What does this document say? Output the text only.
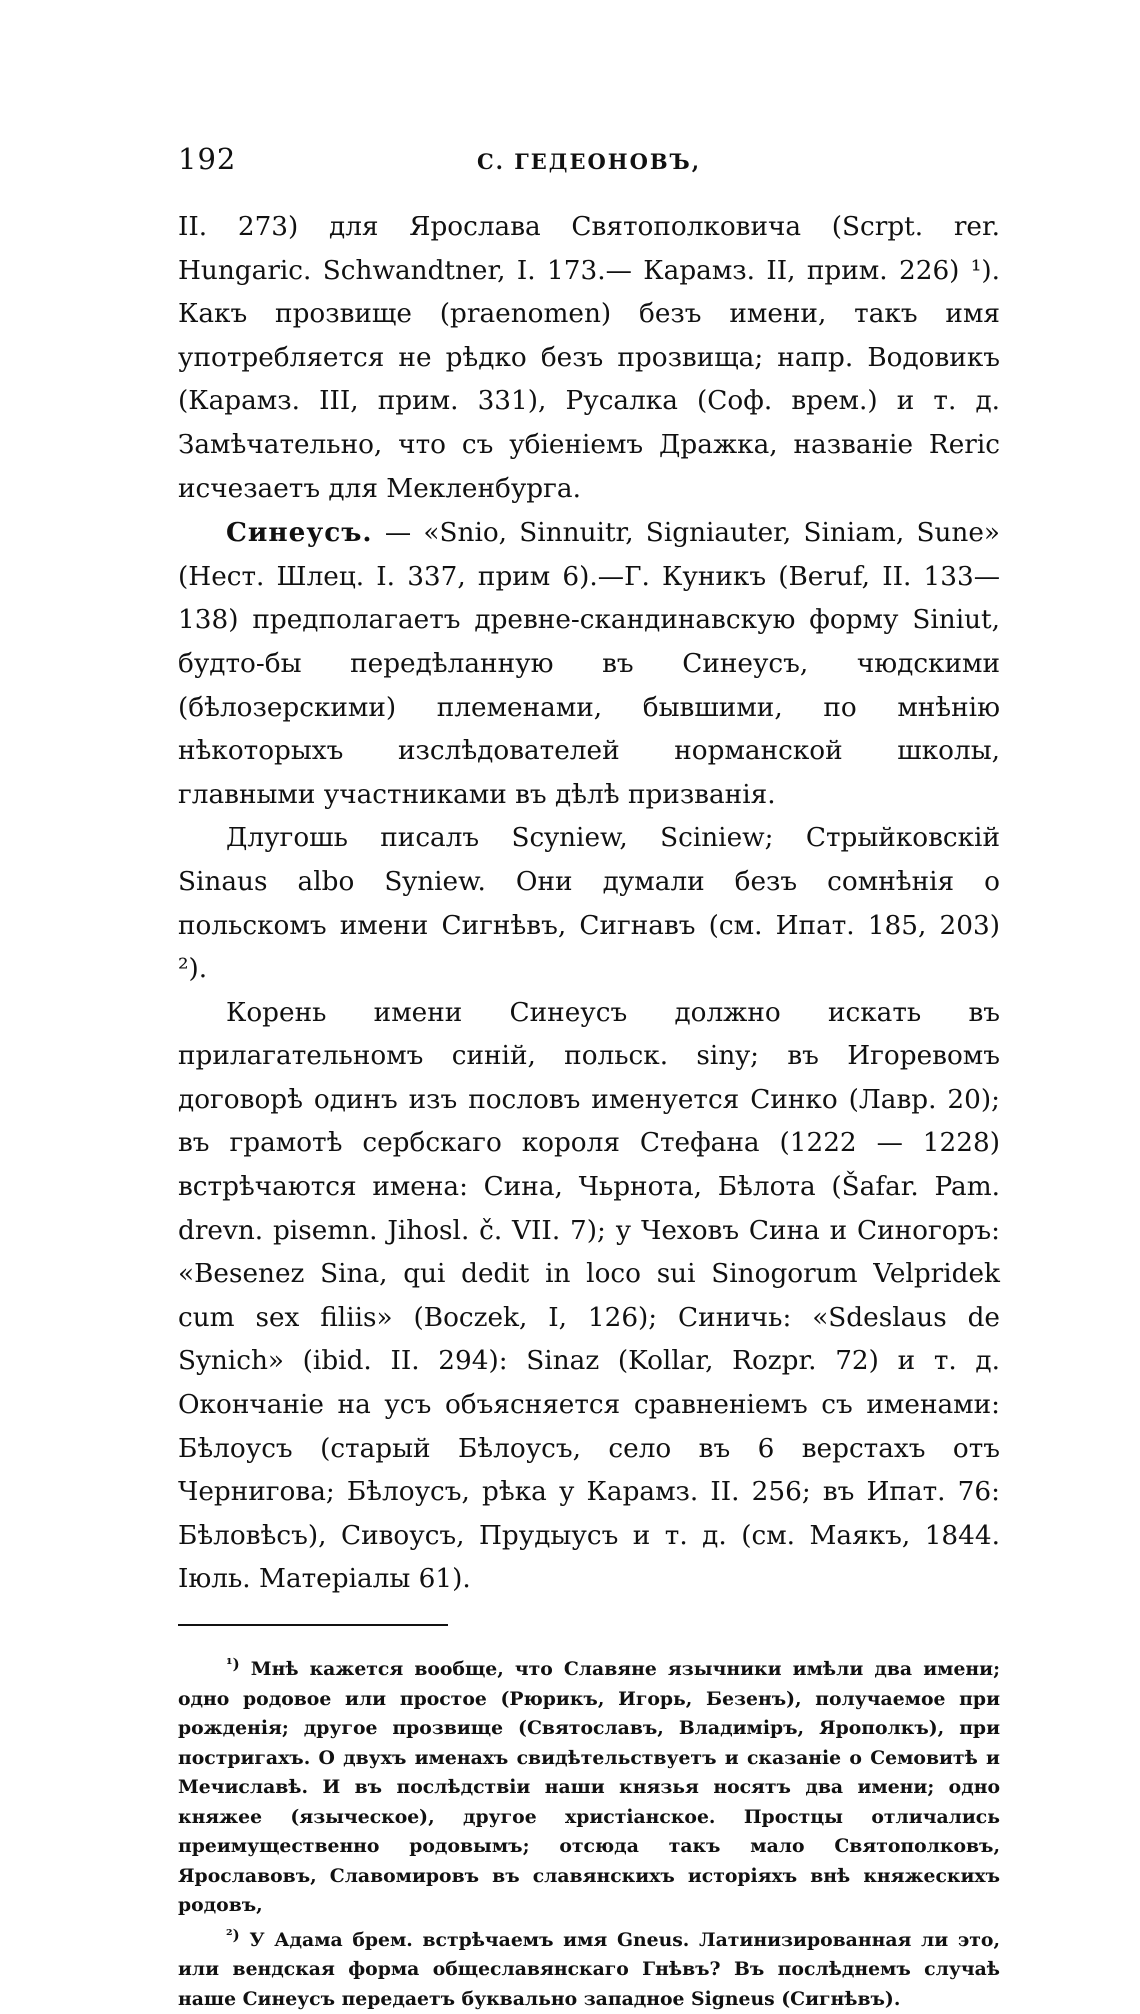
192	С. ГЕДЕОНОВЪ,

II. 273) для Ярослава Святополковича (Scrpt. rer. Hungaric. Schwandtner, I. 173.— Карамз. II, прим. 226) ¹). Какъ прозвище (praenomen) безъ имени, такъ имя употребляется не рѣдко безъ прозвища; напр. Водовикъ (Карамз. III, прим. 331), Русалка (Соф. врем.) и т. д. Замѣчательно, что съ убіеніемъ Дражка, названіе Reric исчезаетъ для Мекленбурга.

Синеусъ. — «Snio, Sinnuitr, Signiauter, Siniam, Sune» (Нест. Шлец. I. 337, прим 6).—Г. Куникъ (Beruf, II. 133—138) предполагаетъ древне-скандинавскую форму Siniut, будто-бы передѣланную въ Синеусъ, чюдскими (бѣлозерскими) племенами, бывшими, по мнѣнію нѣкоторыхъ изслѣдователей норманской школы, главными участниками въ дѣлѣ призванія.

Длугошь писалъ Scyniew, Sciniew; Стрыйковскій Sinaus albo Syniew. Они думали безъ сомнѣнія о польскомъ имени Сигнѣвъ, Сигнавъ (см. Ипат. 185, 203) ²).

Корень имени Синеусъ должно искать въ прилагательномъ синій, польск. siny; въ Игоревомъ договорѣ одинъ изъ пословъ именуется Синко (Лавр. 20); въ грамотѣ сербскаго короля Стефана (1222 — 1228) встрѣчаются имена: Сина, Чьрнота, Бѣлота (Šafar. Pam. drevn. pisemn. Jihosl. č. VII. 7); у Чеховъ Сина и Синогоръ: «Besenez Sina, qui dedit in loco sui Sinogorum Velpridek cum sex filiis» (Boczek, I, 126); Синичь: «Sdeslaus de Synich» (ibid. II. 294): Sinaz (Kollar, Rozpr. 72) и т. д. Окончаніе на усъ объясняется сравненіемъ съ именами: Бѣлоусъ (старый Бѣлоусъ, село въ 6 верстахъ отъ Чернигова; Бѣлоусъ, рѣка у Карамз. II. 256; въ Ипат. 76: Бѣловѣсъ), Сивоусъ, Прудыусъ и т. д. (см. Маякъ, 1844. Іюль. Матеріалы 61).

$^{^1)}$ Мнѣ кажется вообще, что Славяне язычники имѣли два имени; одно родовое или простое (Рюрикъ, Игорь, Безенъ), получаемое при рожденія; другое прозвище (Святославъ, Владиміръ, Ярополкъ), при постригахъ. О двухъ именахъ свидѣтельствуетъ и сказаніе о Семовитѣ и Мечиславѣ. И въ послѣдствіи наши князья носятъ два имени; одно княжее (языческое), другое христіанское. Простцы отличались преимущественно родовымъ; отсюда такъ мало Святополковъ, Ярославовъ, Славомировъ въ славянскихъ исторіяхъ внѣ княжескихъ родовъ,

$^{^2)}$ У Адама брем. встрѣчаемъ имя Gneus. Латинизированная ли это, или вендская форма общеславянскаго Гнѣвъ? Въ послѣднемъ случаѣ наше Синеусъ передаетъ буквально западное Signeus (Сигнѣвъ).
